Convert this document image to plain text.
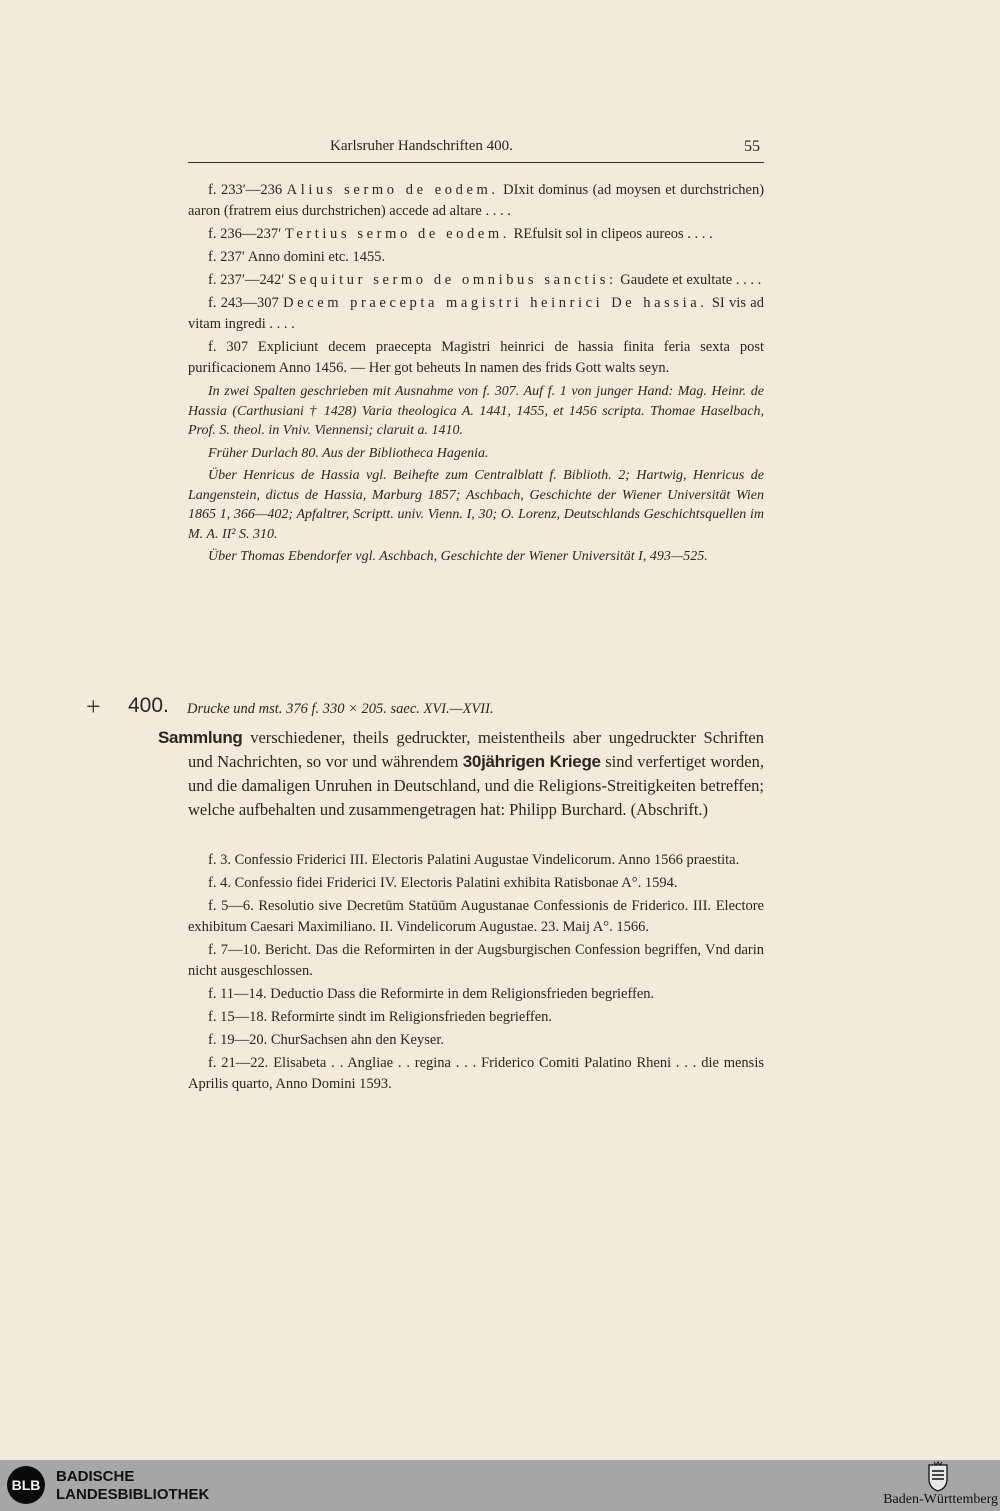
Karlsruher Handschriften 400.	55

f. 233′—236 Alius sermo de eodem. DIxit dominus (ad moysen et durchstrichen) aaron (fratrem eius durchstrichen) accede ad altare . . . .

f. 236—237′ Tertius sermo de eodem. REfulsit sol in clipeos aureos . . . .

f. 237′ Anno domini etc. 1455.

f. 237′—242′ Sequitur sermo de omnibus sanctis: Gaudete et exultate . . . .

f. 243—307 Decem praecepta magistri heinrici De hassia. SI vis ad vitam ingredi . . . .

f. 307 Expliciunt decem praecepta Magistri heinrici de hassia finita feria sexta post purificacionem Anno 1456. — Her got beheuts In namen des frids Gott walts seyn.

In zwei Spalten geschrieben mit Ausnahme von f. 307. Auf f. 1 von junger Hand: Mag. Heinr. de Hassia (Carthusiani † 1428) Varia theologica A. 1441, 1455, et 1456 scripta. Thomae Haselbach, Prof. S. theol. in Vniv. Viennensi; claruit a. 1410.

Früher Durlach 80. Aus der Bibliotheca Hagenia.

Über Henricus de Hassia vgl. Beihefte zum Centralblatt f. Biblioth. 2; Hartwig, Henricus de Langenstein, dictus de Hassia, Marburg 1857; Aschbach, Geschichte der Wiener Universität Wien 1865 1, 366—402; Apfaltrer, Scriptt. univ. Vienn. I, 30; O. Lorenz, Deutschlands Geschichtsquellen im M. A. II² S. 310.

Über Thomas Ebendorfer vgl. Aschbach, Geschichte der Wiener Universität I, 493—525.

+ 400. Drucke und mst. 376 f. 330 × 205. saec. XVI.—XVII.
Sammlung verschiedener, theils gedruckter, meistentheils aber ungedruckter Schriften und Nachrichten, so vor und währendem 30jährigen Kriege sind verfertiget worden, und die damaligen Unruhen in Deutschland, und die Religions-Streitigkeiten betreffen; welche aufbehalten und zusammengetragen hat: Philipp Burchard. (Abschrift.)

f. 3. Confessio Friderici III. Electoris Palatini Augustae Vindelicorum. Anno 1566 praestita.

f. 4. Confessio fidei Friderici IV. Electoris Palatini exhibita Ratisbonae A°. 1594.

f. 5—6. Resolutio sive Decretūm Statūūm Augustanae Confessionis de Friderico. III. Electore exhibitum Caesari Maximiliano. II. Vindelicorum Augustae. 23. Maij A°. 1566.

f. 7—10. Bericht. Das die Reformirten in der Augsburgischen Confession begriffen, Vnd darin nicht ausgeschlossen.

f. 11—14. Deductio Dass die Reformirte in dem Religionsfrieden begrieffen.

f. 15—18. Reformirte sindt im Religionsfrieden begrieffen.

f. 19—20. ChurSachsen ahn den Keyser.

f. 21—22. Elisabeta . . Angliae . . regina . . . Friderico Comiti Palatino Rheni . . . die mensis Aprilis quarto, Anno Domini 1593.

BLB	BADISCHE
LANDESBIBLIOTHEK	Baden-Württemberg
